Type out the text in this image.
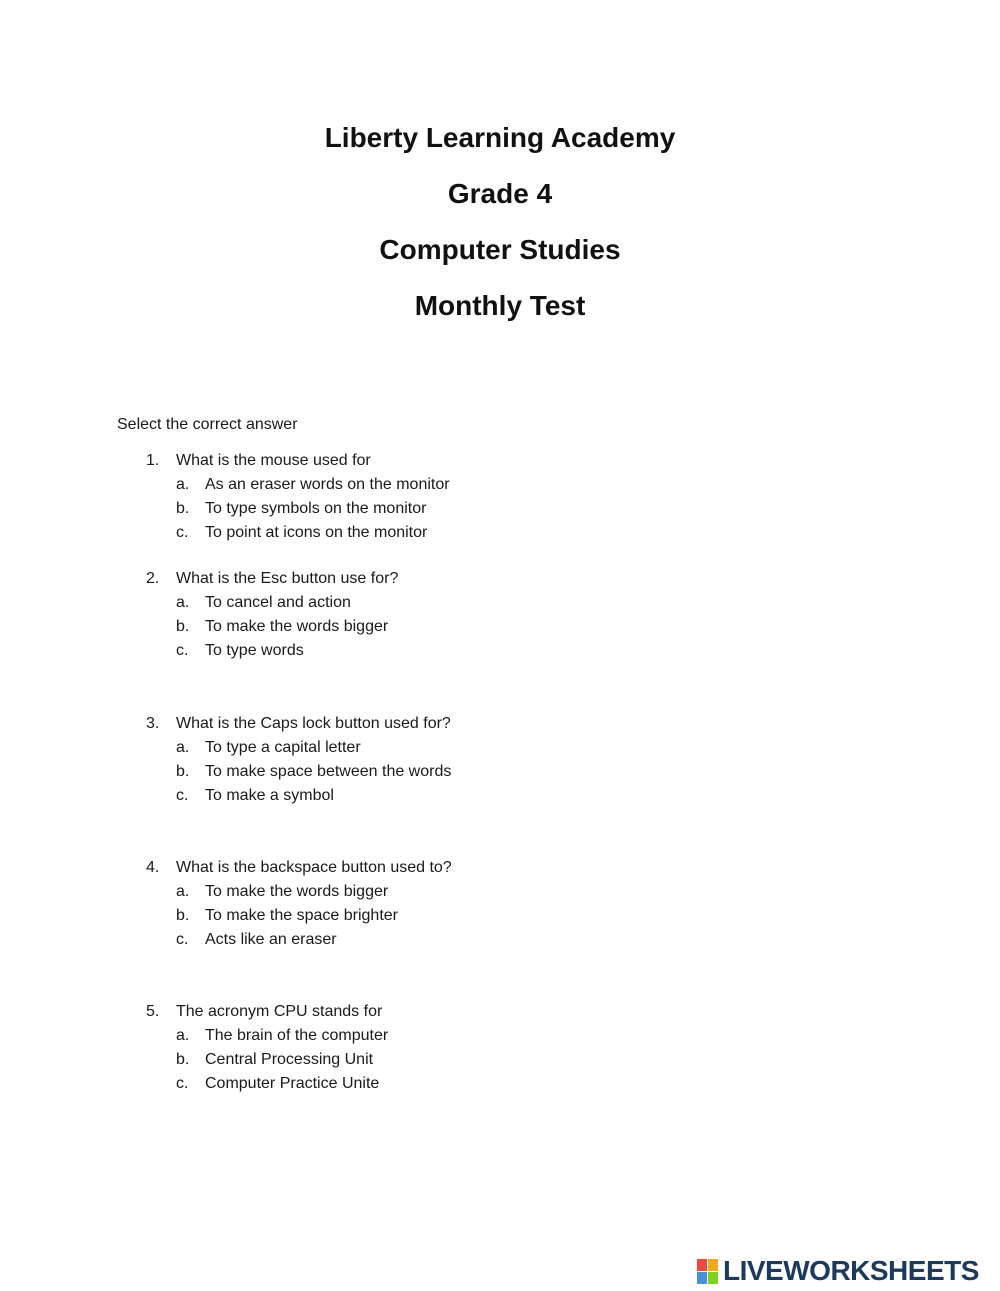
Liberty Learning Academy
Grade 4
Computer Studies
Monthly Test
Select the correct answer
1. What is the mouse used for
a. As an eraser words on the monitor
b. To type symbols on the monitor
c. To point at icons on the monitor
2. What is the Esc button use for?
a. To cancel and action
b. To make the words bigger
c. To type words
3. What is the Caps lock button used for?
a. To type a capital letter
b. To make space between the words
c. To make a symbol
4. What is the backspace button used to?
a. To make the words bigger
b. To make the space brighter
c. Acts like an eraser
5. The acronym CPU stands for
a. The brain of the computer
b. Central Processing Unit
c. Computer Practice Unite
LIVEWORKSHEETS
